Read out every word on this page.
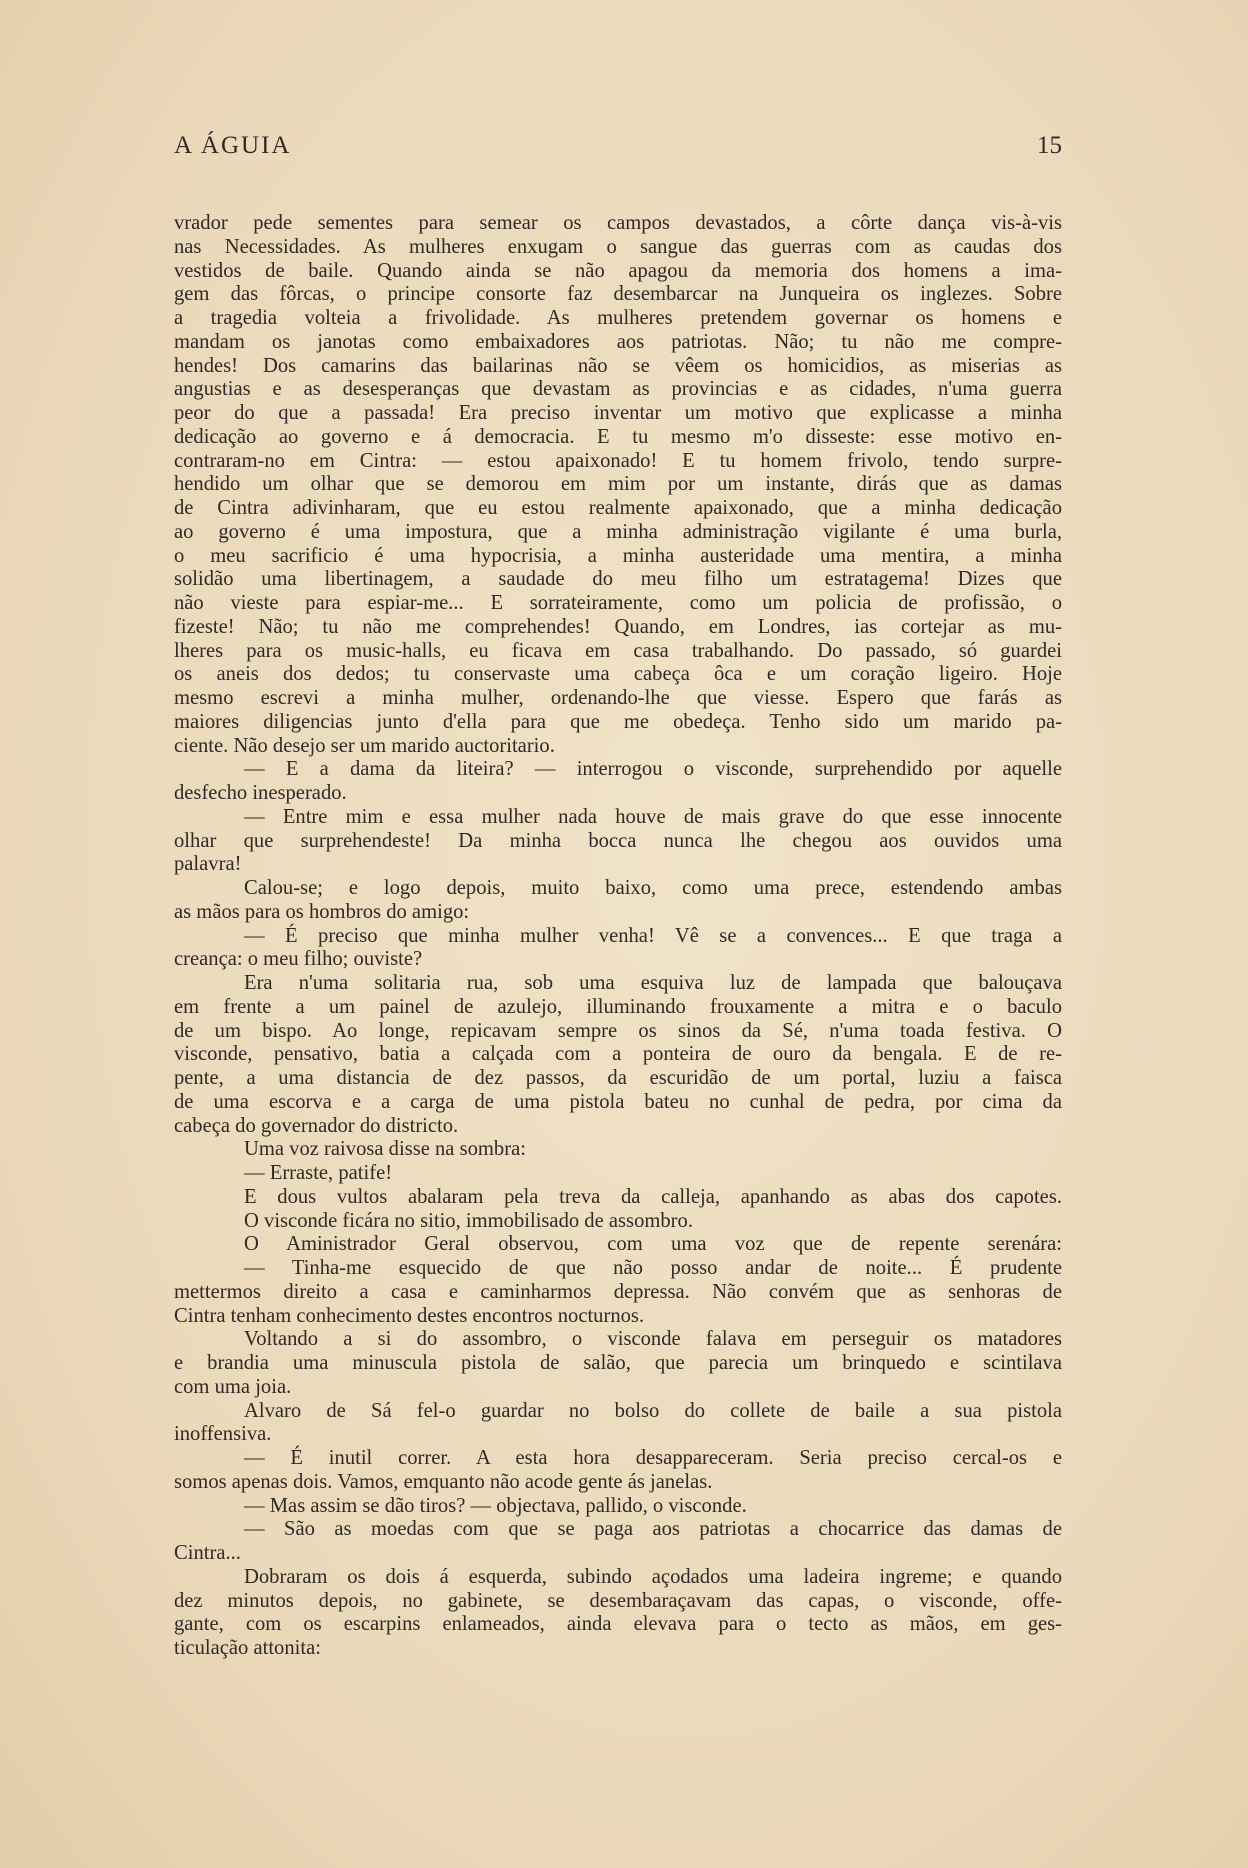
A ÁGUIA	15
vrador pede sementes para semear os campos devastados, a côrte dança vis-à-vis
nas Necessidades. As mulheres enxugam o sangue das guerras com as caudas dos
vestidos de baile. Quando ainda se não apagou da memoria dos homens a ima-
gem das fôrcas, o principe consorte faz desembarcar na Junqueira os inglezes. Sobre
a tragedia volteia a frivolidade. As mulheres pretendem governar os homens e
mandam os janotas como embaixadores aos patriotas. Não; tu não me compre-
hendes! Dos camarins das bailarinas não se vêem os homicidios, as miserias as
angustias e as desesperanças que devastam as provincias e as cidades, n'uma guerra
peor do que a passada! Era preciso inventar um motivo que explicasse a minha
dedicação ao governo e á democracia. E tu mesmo m'o disseste: esse motivo en-
contraram-no em Cintra: — estou apaixonado! E tu homem frivolo, tendo surpre-
hendido um olhar que se demorou em mim por um instante, dirás que as damas
de Cintra adivinharam, que eu estou realmente apaixonado, que a minha dedicação
ao governo é uma impostura, que a minha administração vigilante é uma burla,
o meu sacrificio é uma hypocrisia, a minha austeridade uma mentira, a minha
solidão uma libertinagem, a saudade do meu filho um estratagema! Dizes que
não vieste para espiar-me... E sorrateiramente, como um policia de profissão, o
fizeste! Não; tu não me comprehendes! Quando, em Londres, ias cortejar as mu-
lheres para os music-halls, eu ficava em casa trabalhando. Do passado, só guardei
os aneis dos dedos; tu conservaste uma cabeça ôca e um coração ligeiro. Hoje
mesmo escrevi a minha mulher, ordenando-lhe que viesse. Espero que farás as
maiores diligencias junto d'ella para que me obedeça. Tenho sido um marido pa-
ciente. Não desejo ser um marido auctoritario.
— E a dama da liteira? — interrogou o visconde, surprehendido por aquelle
desfecho inesperado.
— Entre mim e essa mulher nada houve de mais grave do que esse innocente
olhar que surprehendeste! Da minha bocca nunca lhe chegou aos ouvidos uma
palavra!
Calou-se; e logo depois, muito baixo, como uma prece, estendendo ambas
as mãos para os hombros do amigo:
— É preciso que minha mulher venha! Vê se a convences... E que traga a
creança: o meu filho; ouviste?
Era n'uma solitaria rua, sob uma esquiva luz de lampada que balouçava
em frente a um painel de azulejo, illuminando frouxamente a mitra e o baculo
de um bispo. Ao longe, repicavam sempre os sinos da Sé, n'uma toada festiva. O
visconde, pensativo, batia a calçada com a ponteira de ouro da bengala. E de re-
pente, a uma distancia de dez passos, da escuridão de um portal, luziu a faisca
de uma escorva e a carga de uma pistola bateu no cunhal de pedra, por cima da
cabeça do governador do districto.
Uma voz raivosa disse na sombra:
— Erraste, patife!
E dous vultos abalaram pela treva da calleja, apanhando as abas dos capotes.
O visconde ficára no sitio, immobilisado de assombro.
O Aministrador Geral observou, com uma voz que de repente serenára:
— Tinha-me esquecido de que não posso andar de noite... É prudente
mettermos direito a casa e caminharmos depressa. Não convém que as senhoras de
Cintra tenham conhecimento destes encontros nocturnos.
Voltando a si do assombro, o visconde falava em perseguir os matadores
e brandia uma minuscula pistola de salão, que parecia um brinquedo e scintilava
com uma joia.
Alvaro de Sá fel-o guardar no bolso do collete de baile a sua pistola
inoffensiva.
— É inutil correr. A esta hora desappareceram. Seria preciso cercal-os e
somos apenas dois. Vamos, emquanto não acode gente ás janelas.
— Mas assim se dão tiros? — objectava, pallido, o visconde.
— São as moedas com que se paga aos patriotas a chocarrice das damas de
Cintra...
Dobraram os dois á esquerda, subindo açodados uma ladeira ingreme; e quando
dez minutos depois, no gabinete, se desembaraçavam das capas, o visconde, offe-
gante, com os escarpins enlameados, ainda elevava para o tecto as mãos, em ges-
ticulação attonita:
